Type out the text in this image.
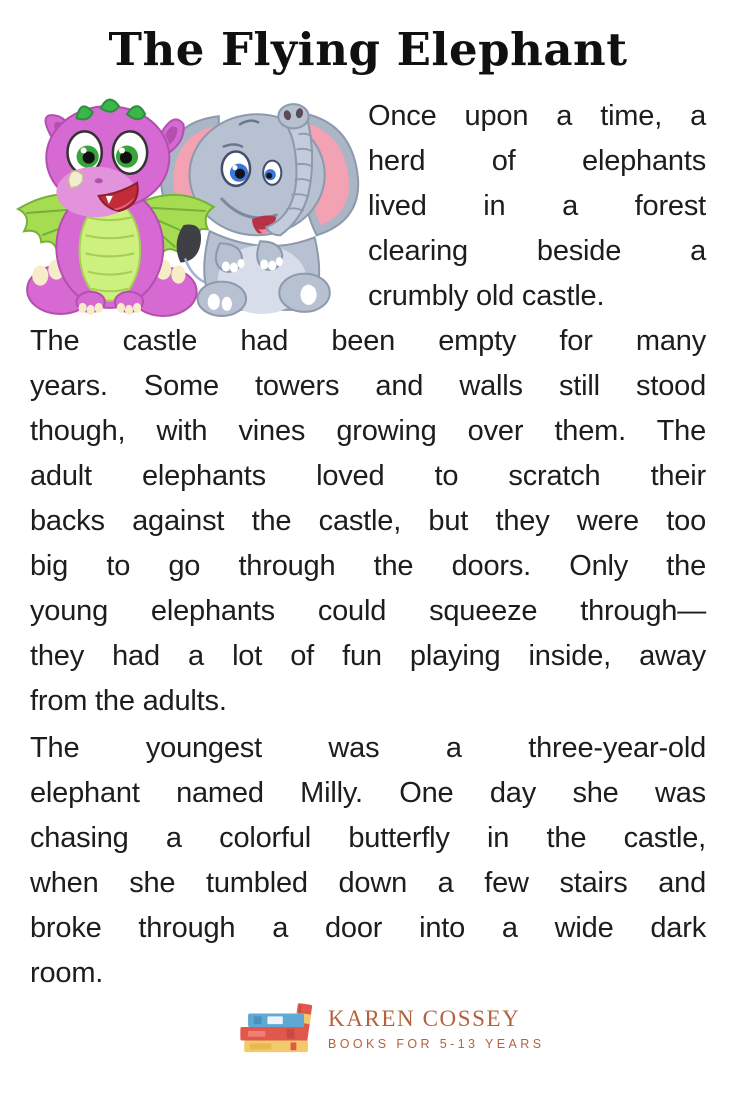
The Flying Elephant
Once upon a time, a
herd of elephants
lived in a forest
clearing beside a
crumbly old castle.
The castle had been empty for many
years. Some towers and walls still stood
though, with vines growing over them. The
adult elephants loved to scratch their
backs against the castle, but they were too
big to go through the doors. Only the
young elephants could squeeze through—
they had a lot of fun playing inside, away
from the adults.
The youngest was a three-year-old
elephant named Milly. One day she was
chasing a colorful butterfly in the castle,
when she tumbled down a few stairs and
broke through a door into a wide dark
room.
KAREN COSSEY
BOOKS FOR 5-13 YEARS
